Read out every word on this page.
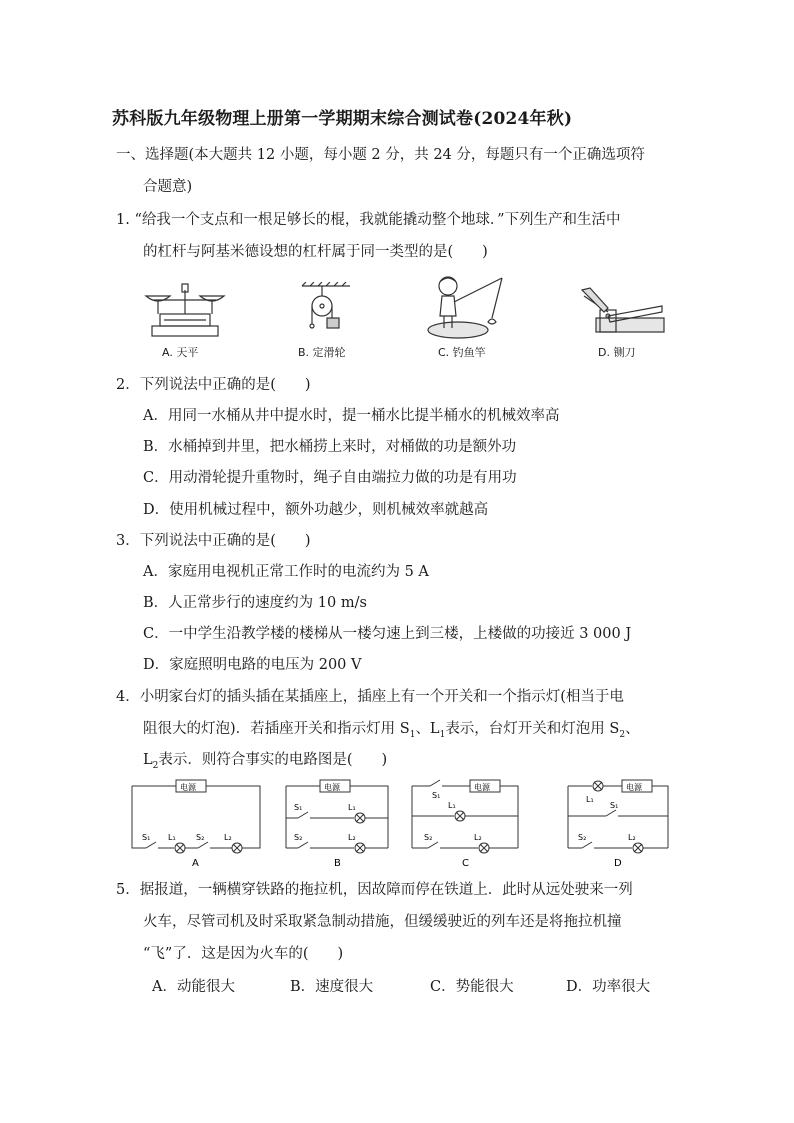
苏科版九年级物理上册第一学期期末综合测试卷(2024年秋)
一、选择题(本大题共 12 小题，每小题 2 分，共 24 分，每题只有一个正确选项符
合题意)
1. “给我一个支点和一根足够长的棍，我就能撬动整个地球．”下列生产和生活中
的杠杆与阿基米德设想的杠杆属于同一类型的是(　　)
A. 天平	B. 定滑轮	C. 钓鱼竿	D. 铡刀
2．下列说法中正确的是(　　)
A．用同一水桶从井中提水时，提一桶水比提半桶水的机械效率高
B．水桶掉到井里，把水桶捞上来时，对桶做的功是额外功
C．用动滑轮提升重物时，绳子自由端拉力做的功是有用功
D．使用机械过程中，额外功越少，则机械效率就越高
3．下列说法中正确的是(　　)
A．家庭用电视机正常工作时的电流约为 5 A
B．人正常步行的速度约为 10 m/s
C．一中学生沿教学楼的楼梯从一楼匀速上到三楼，上楼做的功接近 3 000 J
D．家庭照明电路的电压为 200 V
4．小明家台灯的插头插在某插座上，插座上有一个开关和一个指示灯(相当于电
阻很大的灯泡)．若插座开关和指示灯用 $S_1$、$L_1$表示，台灯开关和灯泡用 $S_2$、
$L_2$表示．则符合事实的电路图是(　　)
电源
S₁ L₁	S₂ L₂
A
电源
S₁	L₁
S₂	L₂
B
电源
S₁
L₁
S₂	L₂
C
电源
L₁
S₁
S₂	L₂
D
5．据报道，一辆横穿铁路的拖拉机，因故障而停在铁道上．此时从远处驶来一列
火车，尽管司机及时采取紧急制动措施，但缓缓驶近的列车还是将拖拉机撞
“飞”了．这是因为火车的(　　)
A．动能很大	B．速度很大	C．势能很大	D．功率很大
